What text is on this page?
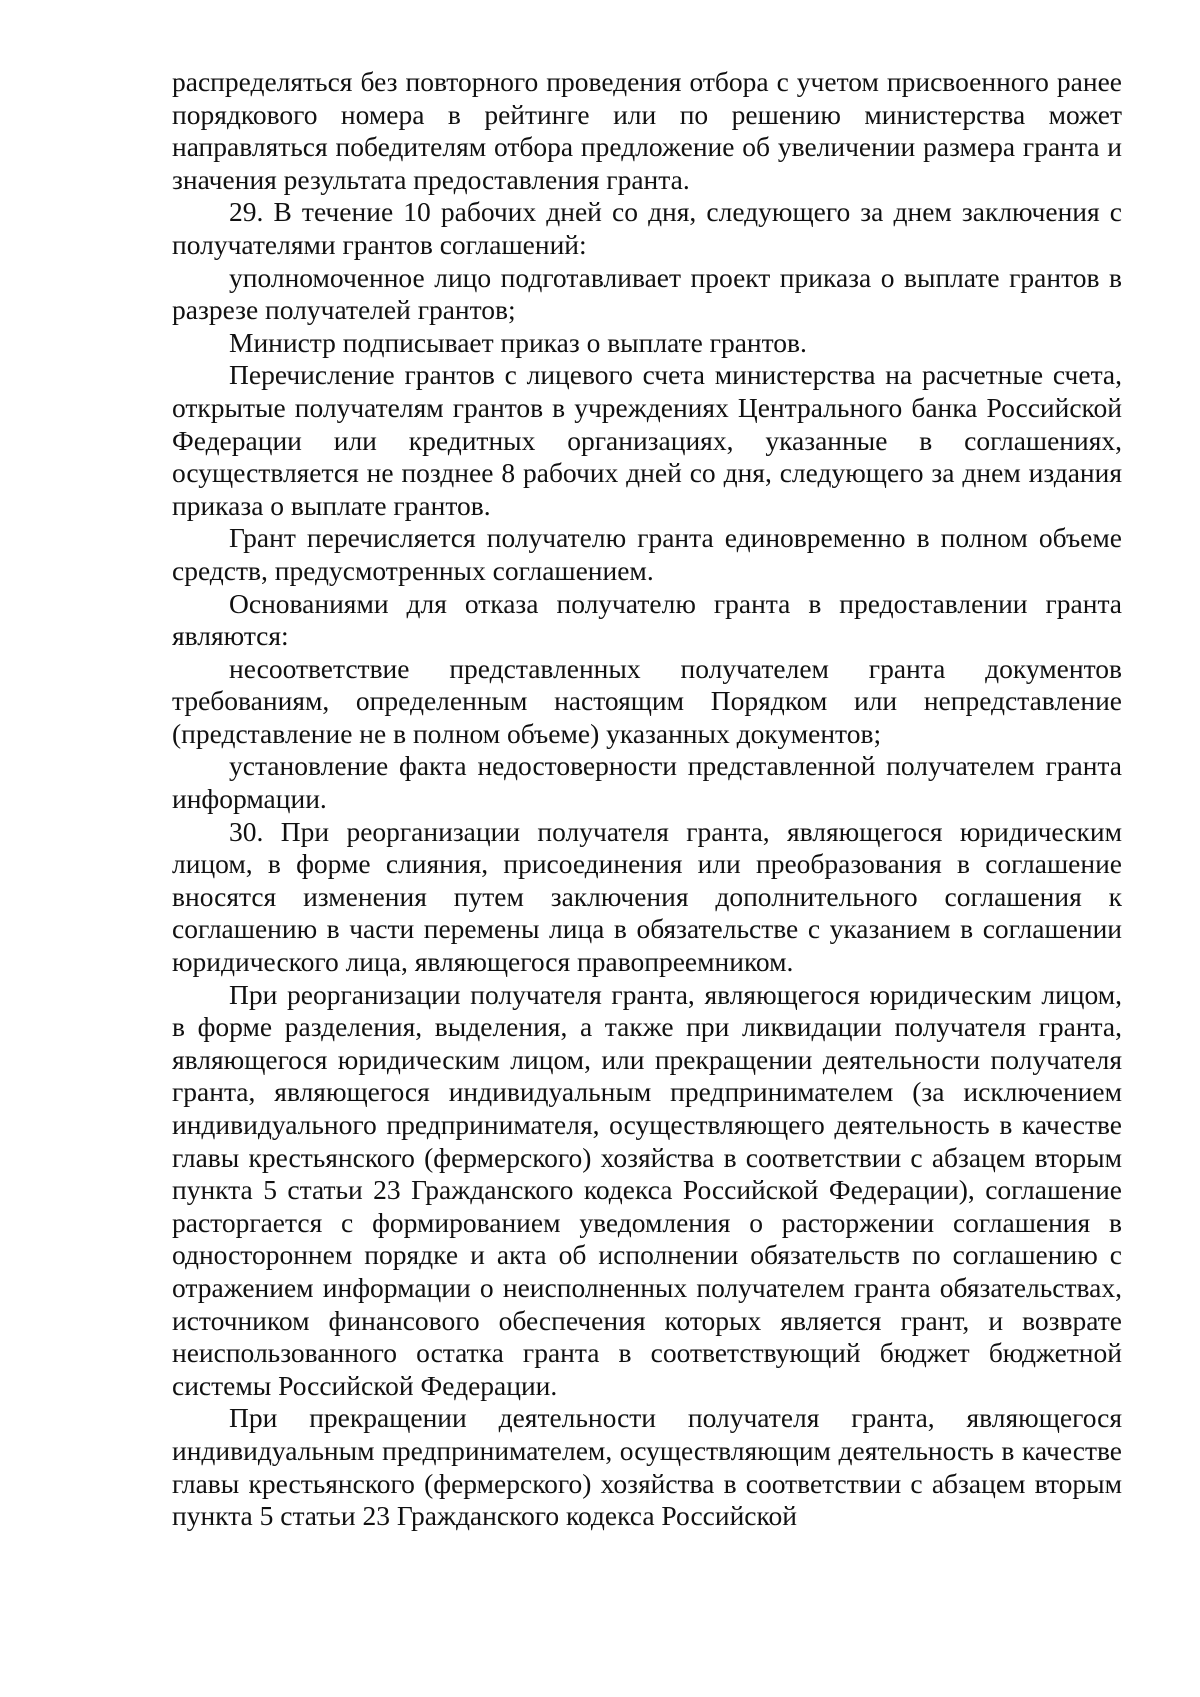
распределяться без повторного проведения отбора с учетом присвоенного ранее порядкового номера в рейтинге или по решению министерства может направляться победителям отбора предложение об увеличении размера гранта и значения результата предоставления гранта.

29. В течение 10 рабочих дней со дня, следующего за днем заключения с получателями грантов соглашений:

уполномоченное лицо подготавливает проект приказа о выплате грантов в разрезе получателей грантов;

Министр подписывает приказ о выплате грантов.

Перечисление грантов с лицевого счета министерства на расчетные счета, открытые получателям грантов в учреждениях Центрального банка Российской Федерации или кредитных организациях, указанные в соглашениях, осуществляется не позднее 8 рабочих дней со дня, следующего за днем издания приказа о выплате грантов.

Грант перечисляется получателю гранта единовременно в полном объеме средств, предусмотренных соглашением.

Основаниями для отказа получателю гранта в предоставлении гранта являются:

несоответствие представленных получателем гранта документов требованиям, определенным настоящим Порядком или непредставление (представление не в полном объеме) указанных документов;

установление факта недостоверности представленной получателем гранта информации.

30. При реорганизации получателя гранта, являющегося юридическим лицом, в форме слияния, присоединения или преобразования в соглашение вносятся изменения путем заключения дополнительного соглашения к соглашению в части перемены лица в обязательстве с указанием в соглашении юридического лица, являющегося правопреемником.

При реорганизации получателя гранта, являющегося юридическим лицом, в форме разделения, выделения, а также при ликвидации получателя гранта, являющегося юридическим лицом, или прекращении деятельности получателя гранта, являющегося индивидуальным предпринимателем (за исключением индивидуального предпринимателя, осуществляющего деятельность в качестве главы крестьянского (фермерского) хозяйства в соответствии с абзацем вторым пункта 5 статьи 23 Гражданского кодекса Российской Федерации), соглашение расторгается с формированием уведомления о расторжении соглашения в одностороннем порядке и акта об исполнении обязательств по соглашению с отражением информации о неисполненных получателем гранта обязательствах, источником финансового обеспечения которых является грант, и возврате неиспользованного остатка гранта в соответствующий бюджет бюджетной системы Российской Федерации.

При прекращении деятельности получателя гранта, являющегося индивидуальным предпринимателем, осуществляющим деятельность в качестве главы крестьянского (фермерского) хозяйства в соответствии с абзацем вторым пункта 5 статьи 23 Гражданского кодекса Российской
